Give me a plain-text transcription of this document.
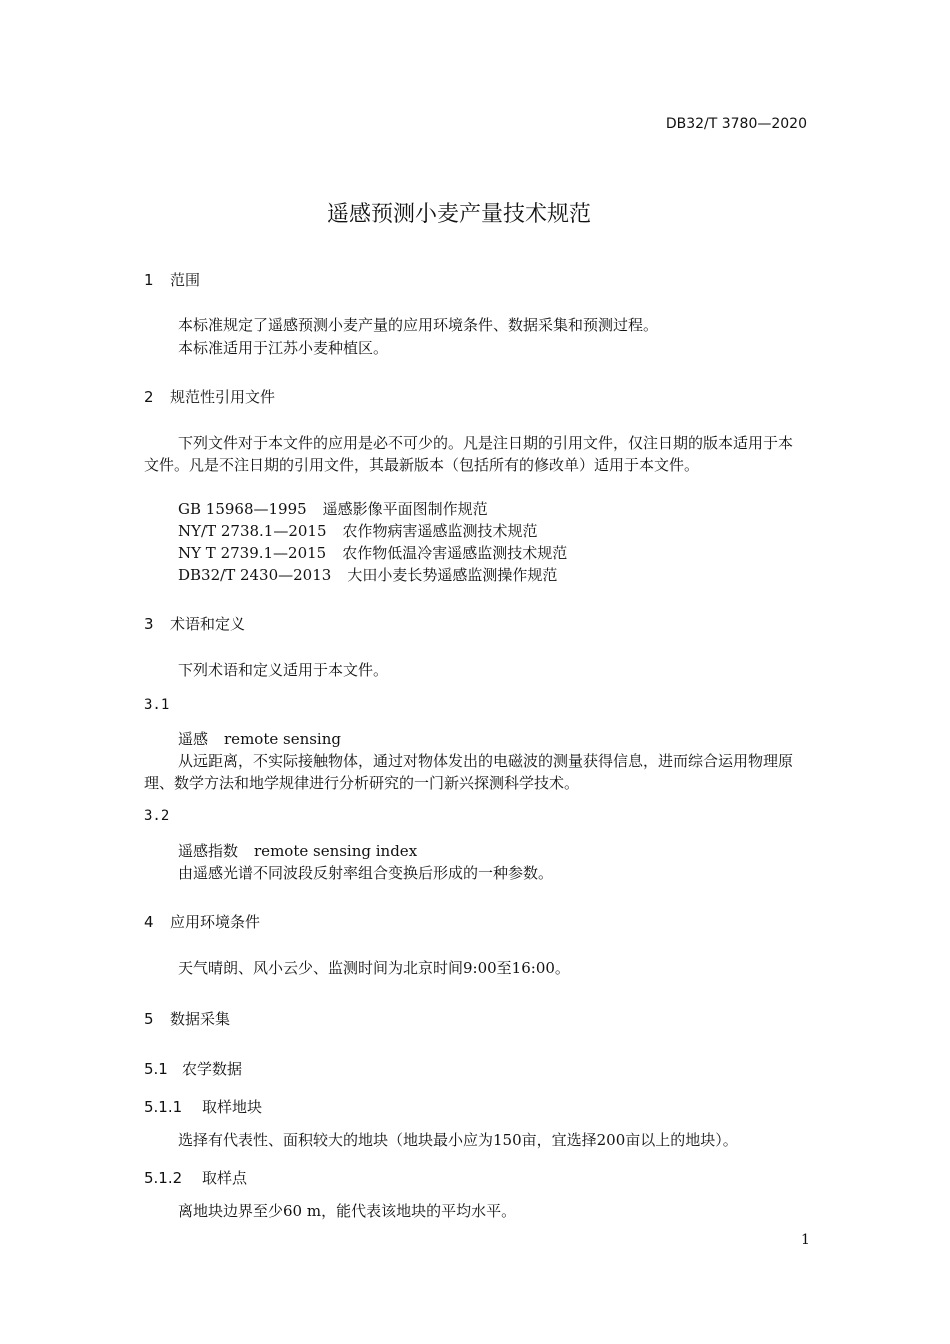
DB32/T 3780—2020
遥感预测小麦产量技术规范
1 范围
本标准规定了遥感预测小麦产量的应用环境条件、数据采集和预测过程。
本标准适用于江苏小麦种植区。
2 规范性引用文件
下列文件对于本文件的应用是必不可少的。凡是注日期的引用文件，仅注日期的版本适用于本文件。凡是不注日期的引用文件，其最新版本（包括所有的修改单）适用于本文件。
GB 15968—1995 遥感影像平面图制作规范
NY/T 2738.1—2015 农作物病害遥感监测技术规范
NY T 2739.1—2015 农作物低温冷害遥感监测技术规范
DB32/T 2430—2013 大田小麦长势遥感监测操作规范
3 术语和定义
下列术语和定义适用于本文件。
3.1
遥感 remote sensing
从远距离，不实际接触物体，通过对物体发出的电磁波的测量获得信息，进而综合运用物理原理、数学方法和地学规律进行分析研究的一门新兴探测科学技术。
3.2
遥感指数 remote sensing index
由遥感光谱不同波段反射率组合变换后形成的一种参数。
4 应用环境条件
天气晴朗、风小云少、监测时间为北京时间9:00至16:00。
5 数据采集
5.1 农学数据
5.1.1 取样地块
选择有代表性、面积较大的地块（地块最小应为150亩，宜选择200亩以上的地块）。
5.1.2 取样点
离地块边界至少60 m，能代表该地块的平均水平。
1
